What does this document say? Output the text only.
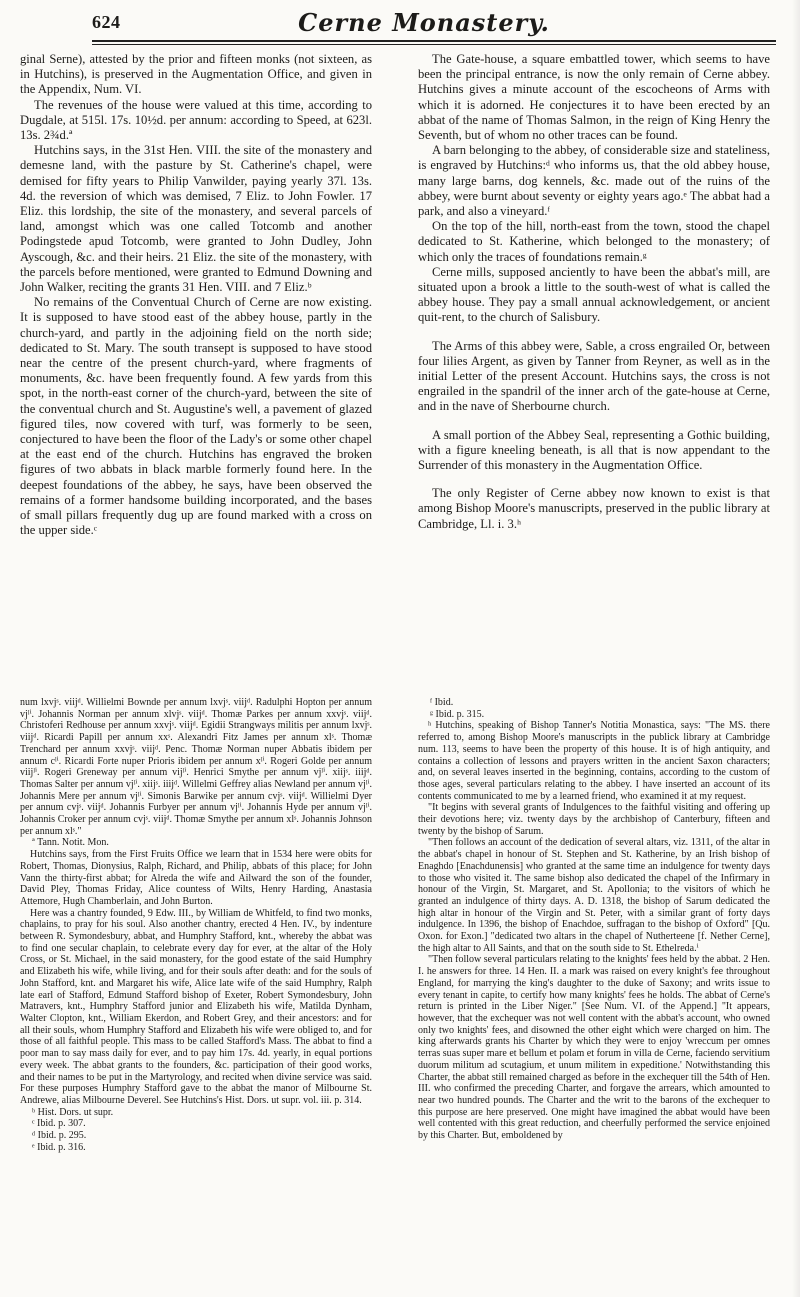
624	Cerne Monastery.

ginal Serne), attested by the prior and fifteen monks (not sixteen, as in Hutchins), is preserved in the Augmentation Office, and given in the Appendix, Num. VI.

The revenues of the house were valued at this time, according to Dugdale, at 515l. 17s. 10½d. per annum: according to Speed, at 623l. 13s. 2¾d.ª

Hutchins says, in the 31st Hen. VIII. the site of the monastery and demesne land, with the pasture by St. Catherine's chapel, were demised for fifty years to Philip Vanwilder, paying yearly 37l. 13s. 4d. the reversion of which was demised, 7 Eliz. to John Fowler. 17 Eliz. this lordship, the site of the monastery, and several parcels of land, amongst which was one called Totcomb and another Podingstede apud Totcomb, were granted to John Dudley, John Ayscough, &c. and their heirs. 21 Eliz. the site of the monastery, with the parcels before mentioned, were granted to Edmund Downing and John Walker, reciting the grants 31 Hen. VIII. and 7 Eliz.ᵇ

No remains of the Conventual Church of Cerne are now existing. It is supposed to have stood east of the abbey house, partly in the church-yard, and partly in the adjoining field on the north side; dedicated to St. Mary. The south transept is supposed to have stood near the centre of the present church-yard, where fragments of monuments, &c. have been frequently found. A few yards from this spot, in the north-east corner of the church-yard, between the site of the conventual church and St. Augustine's well, a pavement of glazed figured tiles, now covered with turf, was formerly to be seen, conjectured to have been the floor of the Lady's or some other chapel at the east end of the church. Hutchins has engraved the broken figures of two abbats in black marble formerly found here. In the deepest foundations of the abbey, he says, have been observed the remains of a former handsome building incorporated, and the bases of small pillars frequently dug up are found marked with a cross on the upper side.ᶜ

The Gate-house, a square embattled tower, which seems to have been the principal entrance, is now the only remain of Cerne abbey. Hutchins gives a minute account of the escocheons of Arms with which it is adorned. He conjectures it to have been erected by an abbat of the name of Thomas Salmon, in the reign of King Henry the Seventh, but of whom no other traces can be found.

A barn belonging to the abbey, of considerable size and stateliness, is engraved by Hutchins:ᵈ who informs us, that the old abbey house, many large barns, dog kennels, &c. made out of the ruins of the abbey, were burnt about seventy or eighty years ago.ᵉ The abbat had a park, and also a vineyard.ᶠ

On the top of the hill, north-east from the town, stood the chapel dedicated to St. Katherine, which belonged to the monastery; of which only the traces of foundations remain.ᵍ

Cerne mills, supposed anciently to have been the abbat's mill, are situated upon a brook a little to the south-west of what is called the abbey house. They pay a small annual acknowledgement, or ancient quit-rent, to the church of Salisbury.

The Arms of this abbey were, Sable, a cross engrailed Or, between four lilies Argent, as given by Tanner from Reyner, as well as in the initial Letter of the present Account. Hutchins says, the cross is not engrailed in the spandril of the inner arch of the gate-house at Cerne, and in the nave of Sherbourne church.

A small portion of the Abbey Seal, representing a Gothic building, with a figure kneeling beneath, is all that is now appendant to the Surrender of this monastery in the Augmentation Office.

The only Register of Cerne abbey now known to exist is that among Bishop Moore's manuscripts, preserved in the public library at Cambridge, Ll. i. 3.ʰ

num lxvjˢ. viijᵈ. Willielmi Bownde per annum lxvjˢ. viijᵈ. Radulphi Hopton per annum vjˡⁱ. Johannis Norman per annum xlvjˢ. viijᵈ. Thomæ Parkes per annum xxvjˢ. viijᵈ. Christoferi Redhouse per annum xxvjˢ. viijᵈ. Egidii Strangways militis per annum lxvjˢ. viijᵈ. Ricardi Papill per annum xxˢ. Alexandri Fitz James per annum xlˢ. Thomæ Trenchard per annum xxvjˢ. viijᵈ. Penc. Thomæ Norman nuper Abbatis ibidem per annum cˡⁱ. Ricardi Forte nuper Prioris ibidem per annum xˡⁱ. Rogeri Golde per annum viijˡⁱ. Rogeri Greneway per annum vijˡⁱ. Henrici Smythe per annum vjˡⁱ. xiijˢ. iiijᵈ. Thomas Salter per annum vjˡⁱ. xiijˢ. iiijᵈ. Willelmi Geffrey alias Newland per annum vjˡⁱ. Johannis Mere per annum vjˡⁱ. Simonis Barwike per annum cvjˢ. viijᵈ. Willielmi Dyer per annum cvjˢ. viijᵈ. Johannis Furbyer per annum vjˡⁱ. Johannis Hyde per annum vjˡⁱ. Johannis Croker per annum cvjˢ. viijᵈ. Thomæ Smythe per annum xlˢ. Johannis Johnson per annum xlˢ."

ª Tann. Notit. Mon.

Hutchins says, from the First Fruits Office we learn that in 1534 here were obits for Robert, Thomas, Dionysius, Ralph, Richard, and Philip, abbats of this place; for John Vann the thirty-first abbat; for Alreda the wife and Ailward the son of the founder, David Pley, Thomas Friday, Alice countess of Wilts, Henry Harding, Anastasia Attemore, Hugh Chamberlain, and John Burton.

Here was a chantry founded, 9 Edw. III., by William de Whitfeld, to find two monks, chaplains, to pray for his soul. Also another chantry, erected 4 Hen. IV., by indenture between R. Symondesbury, abbat, and Humphry Stafford, knt., whereby the abbat was to find one secular chaplain, to celebrate every day for ever, at the altar of the Holy Cross, or St. Michael, in the said monastery, for the good estate of the said Humphry and Elizabeth his wife, while living, and for their souls after death: and for the souls of John Stafford, knt. and Margaret his wife, Alice late wife of the said Humphry, Ralph late earl of Stafford, Edmund Stafford bishop of Exeter, Robert Symondesbury, John Matravers, knt., Humphry Stafford junior and Elizabeth his wife, Matilda Dynham, Walter Clopton, knt., William Ekerdon, and Robert Grey, and their ancestors: and for all their souls, whom Humphry Stafford and Elizabeth his wife were obliged to, and for those of all faithful people. This mass to be called Stafford's Mass. The abbat to find a poor man to say mass daily for ever, and to pay him 17s. 4d. yearly, in equal portions every week. The abbat grants to the founders, &c. participation of their good works, and their names to be put in the Martyrology, and recited when divine service was said. For these purposes Humphry Stafford gave to the abbat the manor of Milbourne St. Andrewe, alias Milbourne Deverel. See Hutchins's Hist. Dors. ut supr. vol. iii. p. 314.

ᵇ Hist. Dors. ut supr.

ᶜ Ibid. p. 307.

ᵈ Ibid. p. 295.

ᵉ Ibid. p. 316.

ᶠ Ibid.

ᵍ Ibid. p. 315.

ʰ Hutchins, speaking of Bishop Tanner's Notitia Monastica, says: "The MS. there referred to, among Bishop Moore's manuscripts in the publick library at Cambridge num. 113, seems to have been the property of this house. It is of high antiquity, and contains a collection of lessons and prayers written in the ancient Saxon characters; and, on several leaves inserted in the beginning, contains, according to the custom of those ages, several particulars relating to the abbey. I have inserted an account of its contents communicated to me by a learned friend, who examined it at my request.

"It begins with several grants of Indulgences to the faithful visiting and offering up their devotions here; viz. twenty days by the archbishop of Canterbury, fifteen and twenty by the bishop of Sarum.

"Then follows an account of the dedication of several altars, viz. 1311, of the altar in the abbat's chapel in honour of St. Stephen and St. Katherine, by an Irish bishop of Enaghdo [Enachdunensis] who granted at the same time an indulgence for twenty days to those who visited it. The same bishop also dedicated the chapel of the Infirmary in honour of the Virgin, St. Margaret, and St. Apollonia; to the visitors of which he granted an indulgence of thirty days. A. D. 1318, the bishop of Sarum dedicated the high altar in honour of the Virgin and St. Peter, with a similar grant of forty days indulgence. In 1396, the bishop of Enachdoe, suffragan to the bishop of Oxford" [Qu. Oxon. for Exon.] "dedicated two altars in the chapel of Nutherteene [f. Nether Cerne], the high altar to All Saints, and that on the south side to St. Ethelreda.ⁱ

"Then follow several particulars relating to the knights' fees held by the abbat. 2 Hen. I. he answers for three. 14 Hen. II. a mark was raised on every knight's fee throughout England, for marrying the king's daughter to the duke of Saxony; and writs issue to every tenant in capite, to certify how many knights' fees he holds. The abbat of Cerne's return is printed in the Liber Niger." [See Num. VI. of the Append.] "It appears, however, that the exchequer was not well content with the abbat's account, who owned only two knights' fees, and disowned the other eight which were charged on him. The king afterwards grants his Charter by which they were to enjoy 'wreccum per omnes terras suas super mare et bellum et polam et forum in villa de Cerne, faciendo servitium duorum militum ad scutagium, et unum militem in expeditione.' Notwithstanding this Charter, the abbat still remained charged as before in the exchequer till the 54th of Hen. III. who confirmed the preceding Charter, and forgave the arrears, which amounted to near two hundred pounds. The Charter and the writ to the barons of the exchequer to this purpose are here preserved. One might have imagined the abbat would have been well contented with this great reduction, and cheerfully performed the service enjoined by this Charter. But, emboldened by
